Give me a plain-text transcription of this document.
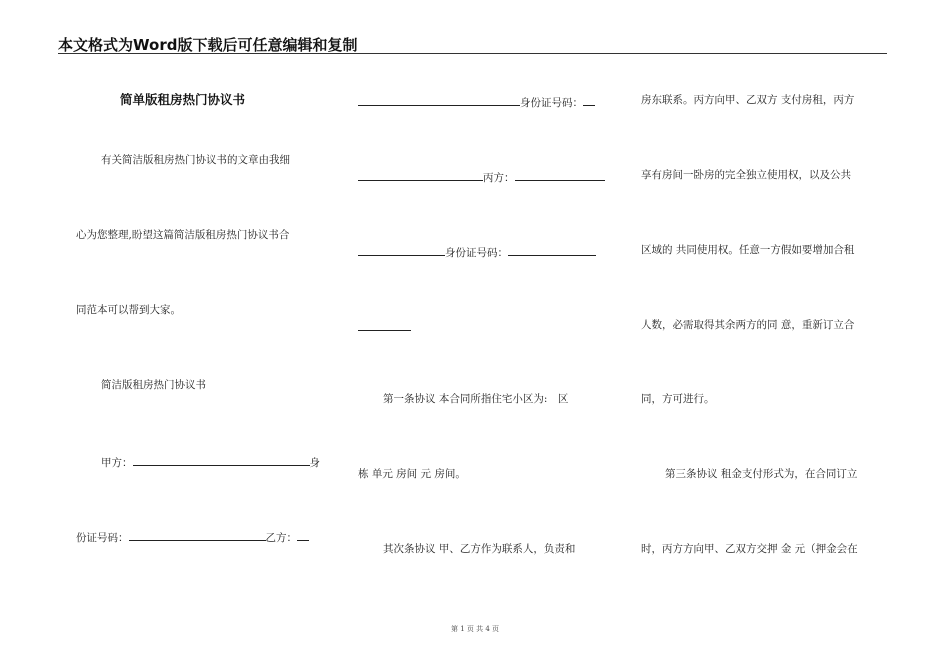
本文格式为Word版下载后可任意编辑和复制
简单版租房热门协议书
有关简洁版租房热门协议书的文章由我细
心为您整理,盼望这篇简洁版租房热门协议书合
同范本可以帮到大家。
简洁版租房热门协议书
甲方：	身
份证号码：	乙方：
身份证号码：
丙方：
身份证号码：
第一条协议 本合同所指住宅小区为:　区
栋 单元 房间 元 房间。
其次条协议 甲、乙方作为联系人，负责和
房东联系。丙方向甲、乙双方 支付房租，丙方
享有房间一卧房的完全独立使用权，以及公共
区域的 共同使用权。任意一方假如要增加合租
人数，必需取得其余两方的同 意，重新订立合
同，方可进行。
第三条协议 租金支付形式为，在合同订立
时，丙方方向甲、乙双方交押 金 元（押金会在
第 1 页 共 4 页
